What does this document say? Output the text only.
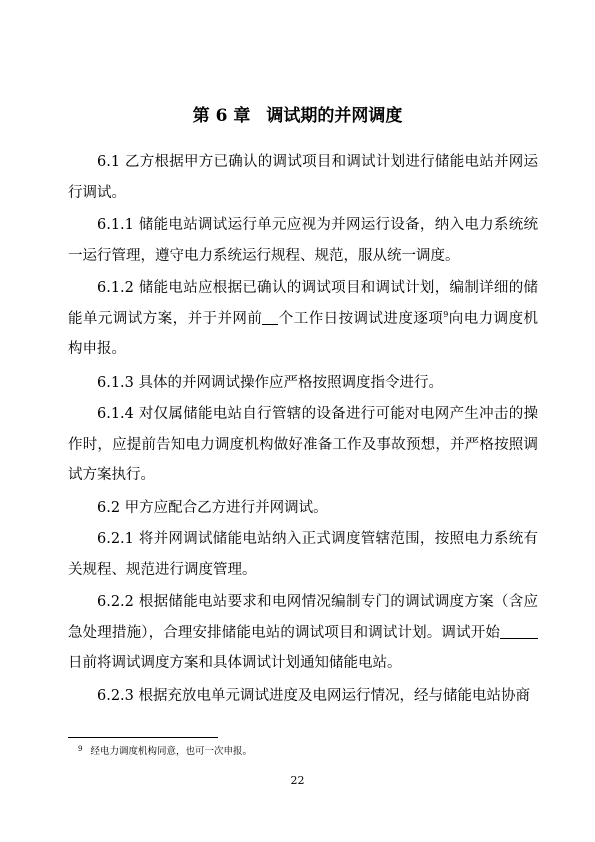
第 6 章 调试期的并网调度
6.1 乙方根据甲方已确认的调试项目和调试计划进行储能电站并网运行调试。
6.1.1 储能电站调试运行单元应视为并网运行设备，纳入电力系统统一运行管理，遵守电力系统运行规程、规范，服从统一调度。
6.1.2 储能电站应根据已确认的调试项目和调试计划，编制详细的储能单元调试方案，并于并网前 个工作日按调试进度逐项$^9$向电力调度机构申报。
6.1.3 具体的并网调试操作应严格按照调度指令进行。
6.1.4 对仅属储能电站自行管辖的设备进行可能对电网产生冲击的操作时，应提前告知电力调度机构做好准备工作及事故预想，并严格按照调试方案执行。
6.2 甲方应配合乙方进行并网调试。
6.2.1 将并网调试储能电站纳入正式调度管辖范围，按照电力系统有关规程、规范进行调度管理。
6.2.2 根据储能电站要求和电网情况编制专门的调试调度方案（含应急处理措施），合理安排储能电站的调试项目和调试计划。调试开始日前将调试调度方案和具体调试计划通知储能电站。
6.2.3 根据充放电单元调试进度及电网运行情况，经与储能电站协商
$^9$ 经电力调度机构同意，也可一次申报。
22
